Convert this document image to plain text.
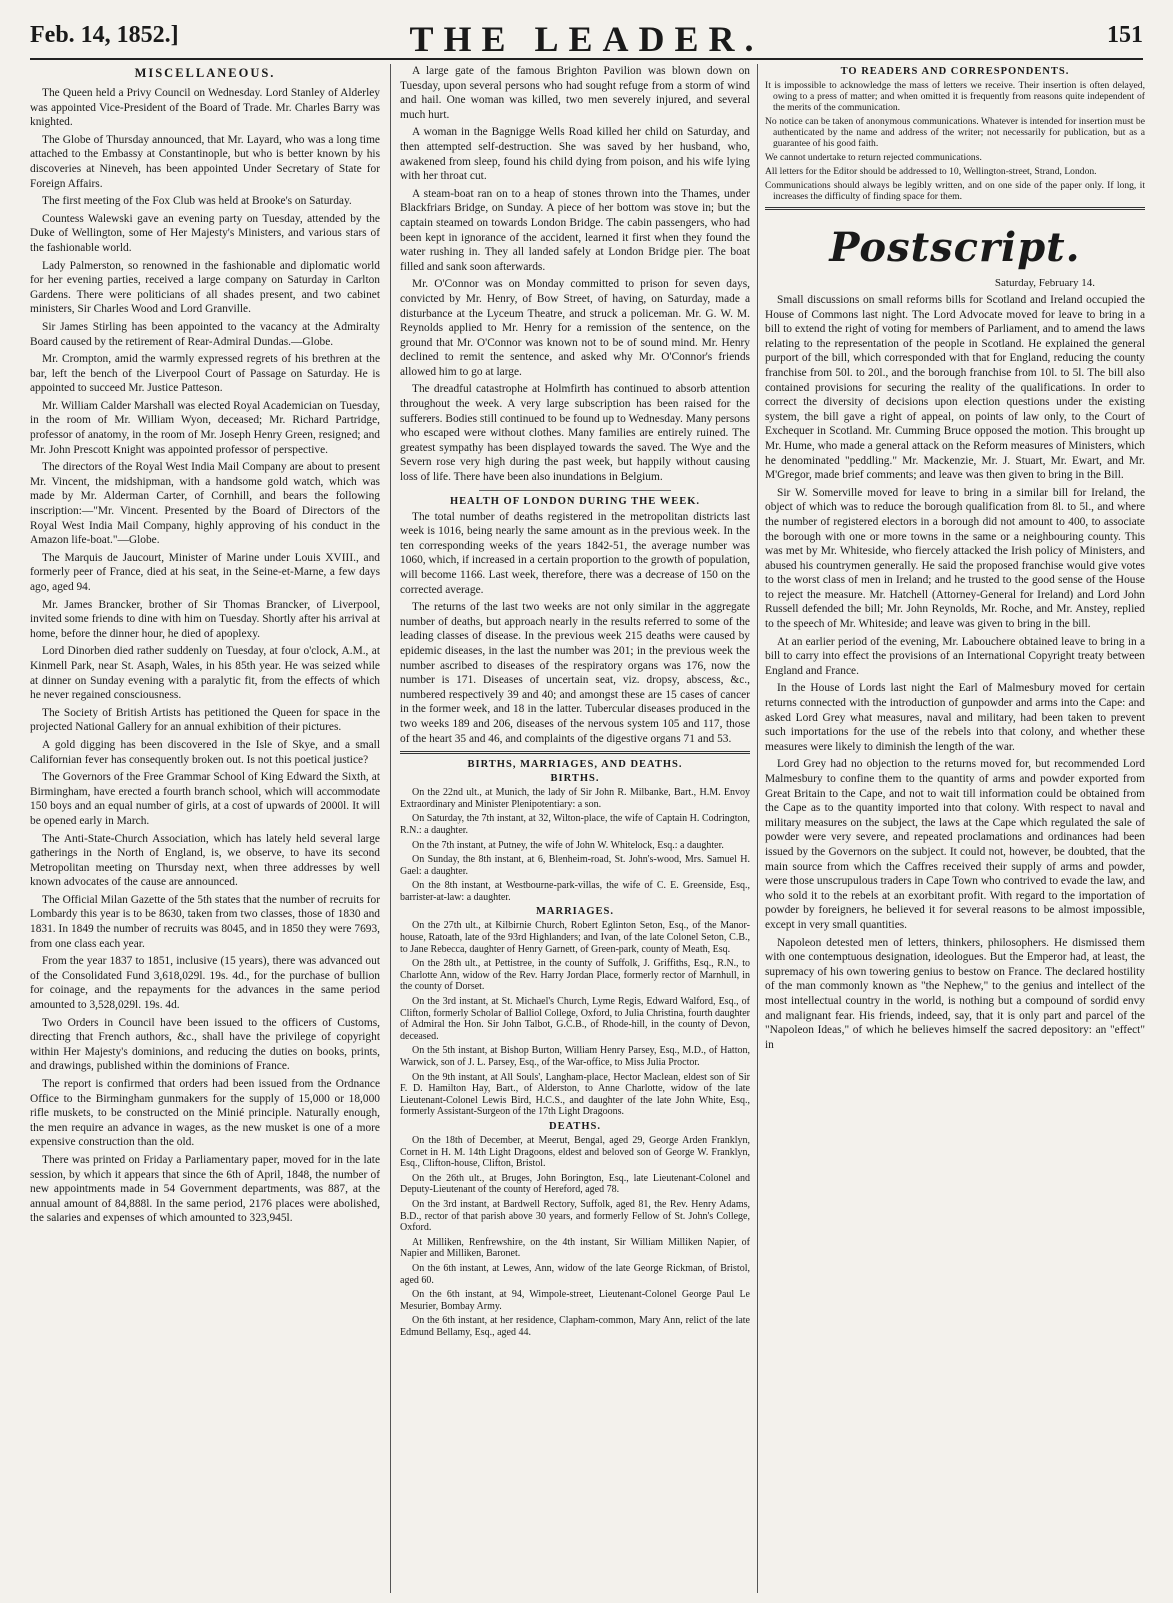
Feb. 14, 1852.]	THE LEADER.	151
MISCELLANEOUS.

The Queen held a Privy Council on Wednesday. Lord Stanley of Alderley was appointed Vice-President of the Board of Trade. Mr. Charles Barry was knighted.

The Globe of Thursday announced, that Mr. Layard, who was a long time attached to the Embassy at Constantinople, but who is better known by his discoveries at Nineveh, has been appointed Under Secretary of State for Foreign Affairs.

The first meeting of the Fox Club was held at Brooke's on Saturday.

Countess Walewski gave an evening party on Tuesday, attended by the Duke of Wellington, some of Her Majesty's Ministers, and various stars of the fashionable world.

Lady Palmerston, so renowned in the fashionable and diplomatic world for her evening parties, received a large company on Saturday in Carlton Gardens. There were politicians of all shades present, and two cabinet ministers, Sir Charles Wood and Lord Granville.

Sir James Stirling has been appointed to the vacancy at the Admiralty Board caused by the retirement of Rear-Admiral Dundas.—Globe.

Mr. Crompton, amid the warmly expressed regrets of his brethren at the bar, left the bench of the Liverpool Court of Passage on Saturday. He is appointed to succeed Mr. Justice Patteson.

Mr. William Calder Marshall was elected Royal Academician on Tuesday, in the room of Mr. William Wyon, deceased; Mr. Richard Partridge, professor of anatomy, in the room of Mr. Joseph Henry Green, resigned; and Mr. John Prescott Knight was appointed professor of perspective.

The directors of the Royal West India Mail Company are about to present Mr. Vincent, the midshipman, with a handsome gold watch, which was made by Mr. Alderman Carter, of Cornhill, and bears the following inscription:—"Mr. Vincent. Presented by the Board of Directors of the Royal West India Mail Company, highly approving of his conduct in the Amazon life-boat."—Globe.

The Marquis de Jaucourt, Minister of Marine under Louis XVIII., and formerly peer of France, died at his seat, in the Seine-et-Marne, a few days ago, aged 94.

Mr. James Brancker, brother of Sir Thomas Brancker, of Liverpool, invited some friends to dine with him on Tuesday. Shortly after his arrival at home, before the dinner hour, he died of apoplexy.

Lord Dinorben died rather suddenly on Tuesday, at four o'clock, A.M., at Kinmell Park, near St. Asaph, Wales, in his 85th year. He was seized while at dinner on Sunday evening with a paralytic fit, from the effects of which he never regained consciousness.

The Society of British Artists has petitioned the Queen for space in the projected National Gallery for an annual exhibition of their pictures.

A gold digging has been discovered in the Isle of Skye, and a small Californian fever has consequently broken out. Is not this poetical justice?

The Governors of the Free Grammar School of King Edward the Sixth, at Birmingham, have erected a fourth branch school, which will accommodate 150 boys and an equal number of girls, at a cost of upwards of 2000l. It will be opened early in March.

The Anti-State-Church Association, which has lately held several large gatherings in the North of England, is, we observe, to have its second Metropolitan meeting on Thursday next, when three addresses by well known advocates of the cause are announced.

The Official Milan Gazette of the 5th states that the number of recruits for Lombardy this year is to be 8630, taken from two classes, those of 1830 and 1831. In 1849 the number of recruits was 8045, and in 1850 they were 7693, from one class each year.

From the year 1837 to 1851, inclusive (15 years), there was advanced out of the Consolidated Fund 3,618,029l. 19s. 4d., for the purchase of bullion for coinage, and the repayments for the advances in the same period amounted to 3,528,029l. 19s. 4d.

Two Orders in Council have been issued to the officers of Customs, directing that French authors, &c., shall have the privilege of copyright within Her Majesty's dominions, and reducing the duties on books, prints, and drawings, published within the dominions of France.

The report is confirmed that orders had been issued from the Ordnance Office to the Birmingham gunmakers for the supply of 15,000 or 18,000 rifle muskets, to be constructed on the Minié principle. Naturally enough, the men require an advance in wages, as the new musket is one of a more expensive construction than the old.

There was printed on Friday a Parliamentary paper, moved for in the late session, by which it appears that since the 6th of April, 1848, the number of new appointments made in 54 Government departments, was 887, at the annual amount of 84,888l. In the same period, 2176 places were abolished, the salaries and expenses of which amounted to 323,945l.

A large gate of the famous Brighton Pavilion was blown down on Tuesday, upon several persons who had sought refuge from a storm of wind and hail. One woman was killed, two men severely injured, and several much hurt.

A woman in the Bagnigge Wells Road killed her child on Saturday, and then attempted self-destruction. She was saved by her husband, who, awakened from sleep, found his child dying from poison, and his wife lying with her throat cut.

A steam-boat ran on to a heap of stones thrown into the Thames, under Blackfriars Bridge, on Sunday. A piece of her bottom was stove in; but the captain steamed on towards London Bridge. The cabin passengers, who had been kept in ignorance of the accident, learned it first when they found the water rushing in. They all landed safely at London Bridge pier. The boat filled and sank soon afterwards.

Mr. O'Connor was on Monday committed to prison for seven days, convicted by Mr. Henry, of Bow Street, of having, on Saturday, made a disturbance at the Lyceum Theatre, and struck a policeman. Mr. G. W. M. Reynolds applied to Mr. Henry for a remission of the sentence, on the ground that Mr. O'Connor was known not to be of sound mind. Mr. Henry declined to remit the sentence, and asked why Mr. O'Connor's friends allowed him to go at large.

The dreadful catastrophe at Holmfirth has continued to absorb attention throughout the week. A very large subscription has been raised for the sufferers. Bodies still continued to be found up to Wednesday. Many persons who escaped were without clothes. Many families are entirely ruined. The greatest sympathy has been displayed towards the saved. The Wye and the Severn rose very high during the past week, but happily without causing loss of life. There have been also inundations in Belgium.

HEALTH OF LONDON DURING THE WEEK.

The total number of deaths registered in the metropolitan districts last week is 1016, being nearly the same amount as in the previous week. In the ten corresponding weeks of the years 1842-51, the average number was 1060, which, if increased in a certain proportion to the growth of population, will become 1166. Last week, therefore, there was a decrease of 150 on the corrected average.

The returns of the last two weeks are not only similar in the aggregate number of deaths, but approach nearly in the results referred to some of the leading classes of disease. In the previous week 215 deaths were caused by epidemic diseases, in the last the number was 201; in the previous week the number ascribed to diseases of the respiratory organs was 176, now the number is 171. Diseases of uncertain seat, viz. dropsy, abscess, &c., numbered respectively 39 and 40; and amongst these are 15 cases of cancer in the former week, and 18 in the latter. Tubercular diseases produced in the two weeks 189 and 206, diseases of the nervous system 105 and 117, those of the heart 35 and 46, and complaints of the digestive organs 71 and 53.

BIRTHS, MARRIAGES, AND DEATHS.
BIRTHS.

On the 22nd ult., at Munich, the lady of Sir John R. Milbanke, Bart., H.M. Envoy Extraordinary and Minister Plenipotentiary: a son.

On Saturday, the 7th instant, at 32, Wilton-place, the wife of Captain H. Codrington, R.N.: a daughter.

On the 7th instant, at Putney, the wife of John W. Whitelock, Esq.: a daughter.

On Sunday, the 8th instant, at 6, Blenheim-road, St. John's-wood, Mrs. Samuel H. Gael: a daughter.

On the 8th instant, at Westbourne-park-villas, the wife of C. E. Greenside, Esq., barrister-at-law: a daughter.

MARRIAGES.

On the 27th ult., at Kilbirnie Church, Robert Eglinton Seton, Esq., of the Manor-house, Ratoath, late of the 93rd Highlanders; and Ivan, of the late Colonel Seton, C.B., to Jane Rebecca, daughter of Henry Garnett, of Green-park, county of Meath, Esq.

On the 28th ult., at Pettistree, in the county of Suffolk, J. Griffiths, Esq., R.N., to Charlotte Ann, widow of the Rev. Harry Jordan Place, formerly rector of Marnhull, in the county of Dorset.

On the 3rd instant, at St. Michael's Church, Lyme Regis, Edward Walford, Esq., of Clifton, formerly Scholar of Balliol College, Oxford, to Julia Christina, fourth daughter of Admiral the Hon. Sir John Talbot, G.C.B., of Rhode-hill, in the county of Devon, deceased.

On the 5th instant, at Bishop Burton, William Henry Parsey, Esq., M.D., of Hatton, Warwick, son of J. L. Parsey, Esq., of the War-office, to Miss Julia Proctor.

On the 9th instant, at All Souls', Langham-place, Hector Maclean, eldest son of Sir F. D. Hamilton Hay, Bart., of Alderston, to Anne Charlotte, widow of the late Lieutenant-Colonel Lewis Bird, H.C.S., and daughter of the late John White, Esq., formerly Assistant-Surgeon of the 17th Light Dragoons.

DEATHS.

On the 18th of December, at Meerut, Bengal, aged 29, George Arden Franklyn, Cornet in H. M. 14th Light Dragoons, eldest and beloved son of George W. Franklyn, Esq., Clifton-house, Clifton, Bristol.

On the 26th ult., at Bruges, John Borington, Esq., late Lieutenant-Colonel and Deputy-Lieutenant of the county of Hereford, aged 78.

On the 3rd instant, at Bardwell Rectory, Suffolk, aged 81, the Rev. Henry Adams, B.D., rector of that parish above 30 years, and formerly Fellow of St. John's College, Oxford.

At Milliken, Renfrewshire, on the 4th instant, Sir William Milliken Napier, of Napier and Milliken, Baronet.

On the 6th instant, at Lewes, Ann, widow of the late George Rickman, of Bristol, aged 60.

On the 6th instant, at 94, Wimpole-street, Lieutenant-Colonel George Paul Le Mesurier, Bombay Army.

On the 6th instant, at her residence, Clapham-common, Mary Ann, relict of the late Edmund Bellamy, Esq., aged 44.

TO READERS AND CORRESPONDENTS.

It is impossible to acknowledge the mass of letters we receive. Their insertion is often delayed, owing to a press of matter; and when omitted it is frequently from reasons quite independent of the merits of the communication.

No notice can be taken of anonymous communications. Whatever is intended for insertion must be authenticated by the name and address of the writer; not necessarily for publication, but as a guarantee of his good faith.

We cannot undertake to return rejected communications.

All letters for the Editor should be addressed to 10, Wellington-street, Strand, London.

Communications should always be legibly written, and on one side of the paper only. If long, it increases the difficulty of finding space for them.

Postscript.
Saturday, February 14.

Small discussions on small reforms bills for Scotland and Ireland occupied the House of Commons last night. The Lord Advocate moved for leave to bring in a bill to extend the right of voting for members of Parliament, and to amend the laws relating to the representation of the people in Scotland. He explained the general purport of the bill, which corresponded with that for England, reducing the county franchise from 50l. to 20l., and the borough franchise from 10l. to 5l. The bill also contained provisions for securing the reality of the qualifications. In order to correct the diversity of decisions upon election questions under the existing system, the bill gave a right of appeal, on points of law only, to the Court of Exchequer in Scotland. Mr. Cumming Bruce opposed the motion. This brought up Mr. Hume, who made a general attack on the Reform measures of Ministers, which he denominated "peddling." Mr. Mackenzie, Mr. J. Stuart, Mr. Ewart, and Mr. M'Gregor, made brief comments; and leave was then given to bring in the Bill.

Sir W. Somerville moved for leave to bring in a similar bill for Ireland, the object of which was to reduce the borough qualification from 8l. to 5l., and where the number of registered electors in a borough did not amount to 400, to associate the borough with one or more towns in the same or a neighbouring county. This was met by Mr. Whiteside, who fiercely attacked the Irish policy of Ministers, and abused his countrymen generally. He said the proposed franchise would give votes to the worst class of men in Ireland; and he trusted to the good sense of the House to reject the measure. Mr. Hatchell (Attorney-General for Ireland) and Lord John Russell defended the bill; Mr. John Reynolds, Mr. Roche, and Mr. Anstey, replied to the speech of Mr. Whiteside; and leave was given to bring in the bill.

At an earlier period of the evening, Mr. Labouchere obtained leave to bring in a bill to carry into effect the provisions of an International Copyright treaty between England and France.

In the House of Lords last night the Earl of Malmesbury moved for certain returns connected with the introduction of gunpowder and arms into the Cape: and asked Lord Grey what measures, naval and military, had been taken to prevent such importations for the use of the rebels into that colony, and whether these measures were likely to diminish the length of the war.

Lord Grey had no objection to the returns moved for, but recommended Lord Malmesbury to confine them to the quantity of arms and powder exported from Great Britain to the Cape, and not to wait till information could be obtained from the Cape as to the quantity imported into that colony. With respect to naval and military measures on the subject, the laws at the Cape which regulated the sale of powder were very severe, and repeated proclamations and ordinances had been issued by the Governors on the subject. It could not, however, be doubted, that the main source from which the Caffres received their supply of arms and powder, were those unscrupulous traders in Cape Town who contrived to evade the law, and who sold it to the rebels at an exorbitant profit. With regard to the importation of powder by foreigners, he believed it for several reasons to be almost impossible, except in very small quantities.

Napoleon detested men of letters, thinkers, philosophers. He dismissed them with one contemptuous designation, ideologues. But the Emperor had, at least, the supremacy of his own towering genius to bestow on France. The declared hostility of the man commonly known as "the Nephew," to the genius and intellect of the most intellectual country in the world, is nothing but a compound of sordid envy and malignant fear. His friends, indeed, say, that it is only part and parcel of the "Napoleon Ideas," of which he believes himself the sacred depository: an "effect" in
